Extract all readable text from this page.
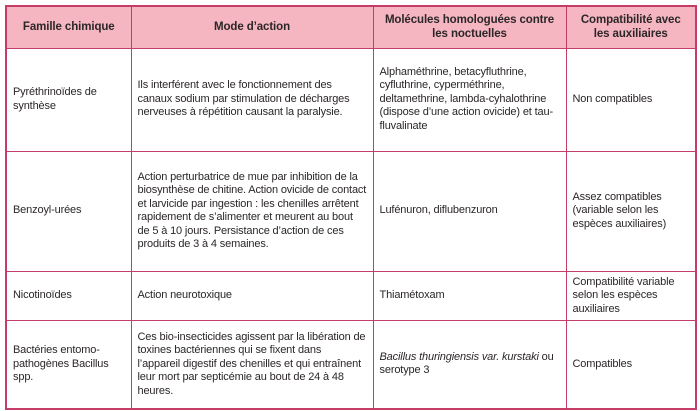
Famille chimique	Mode d’action	Molécules homologuées contre les noctuelles	Compatibilité avec les auxiliaires
Pyréthrinoïdes de synthèse	Ils interférent avec le fonctionnement des canaux sodium par stimulation de décharges nerveuses à répétition causant la paralysie.	Alphaméthrine, betacyfluthrine, cyfluthrine, cyperméthrine, deltamethrine, lambda-cyhalothrine (dispose d’une action ovicide) et tau-fluvalinate	Non compatibles
Benzoyl-urées	Action perturbatrice de mue par inhibition de la biosynthèse de chitine. Action ovicide de contact et larvicide par ingestion : les chenilles arrêtent rapidement de s’alimenter et meurent au bout de 5 à 10 jours. Persistance d’action de ces produits de 3 à 4 semaines.	Lufénuron, diflubenzuron	Assez compatibles (variable selon les espèces auxiliaires)
Nicotinoïdes	Action neurotoxique	Thiamétoxam	Compatibilité variable selon les espèces auxiliaires
Bactéries entomo-pathogènes Bacillus spp.	Ces bio-insecticides agissent par la libération de toxines bactériennes qui se fixent dans l’appareil digestif des chenilles et qui entraînent leur mort par septicémie au bout de 24 à 48 heures.	Bacillus thuringiensis var. kurstaki ou serotype 3	Compatibles
